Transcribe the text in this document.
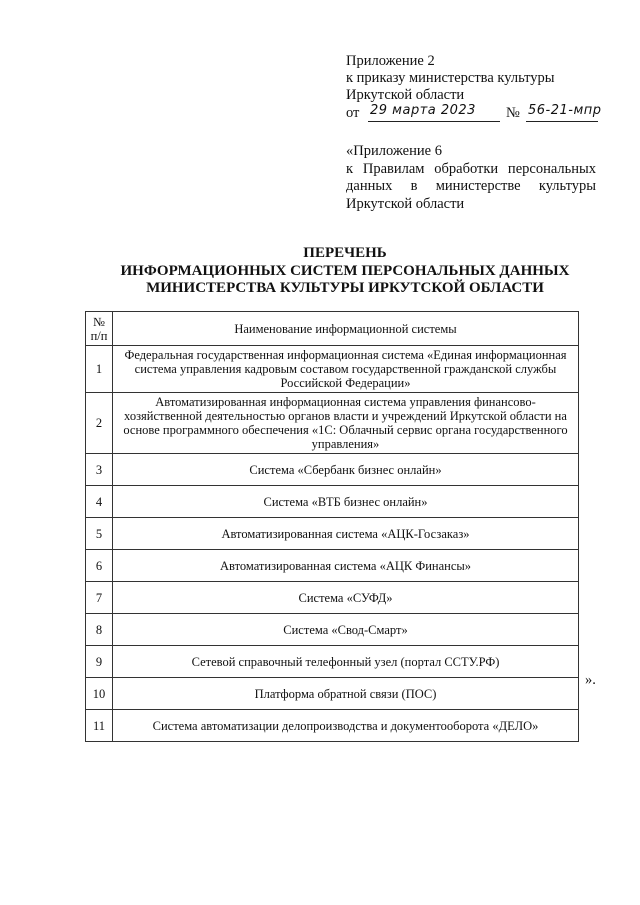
Приложение 2
к приказу министерства культуры
Иркутской области
от 29 марта 2023 № 56-21-мпр
«Приложение 6
к Правилам обработки персональных
данных в министерстве культуры
Иркутской области
ПЕРЕЧЕНЬ
ИНФОРМАЦИОННЫХ СИСТЕМ ПЕРСОНАЛЬНЫХ ДАННЫХ
МИНИСТЕРСТВА КУЛЬТУРЫ ИРКУТСКОЙ ОБЛАСТИ
№ п/п	Наименование информационной системы
1	Федеральная государственная информационная система «Единая информационная система управления кадровым составом государственной гражданской службы Российской Федерации»
2	Автоматизированная информационная система управления финансово-хозяйственной деятельностью органов власти и учреждений Иркутской области на основе программного обеспечения «1С: Облачный сервис органа государственного управления»
3	Система «Сбербанк бизнес онлайн»
4	Система «ВТБ бизнес онлайн»
5	Автоматизированная система «АЦК-Госзаказ»
6	Автоматизированная система «АЦК Финансы»
7	Система «СУФД»
8	Система «Свод-Смарт»
9	Сетевой справочный телефонный узел (портал ССТУ.РФ)
10	Платформа обратной связи (ПОС)
11	Система автоматизации делопроизводства и документооборота «ДЕЛО»
».
